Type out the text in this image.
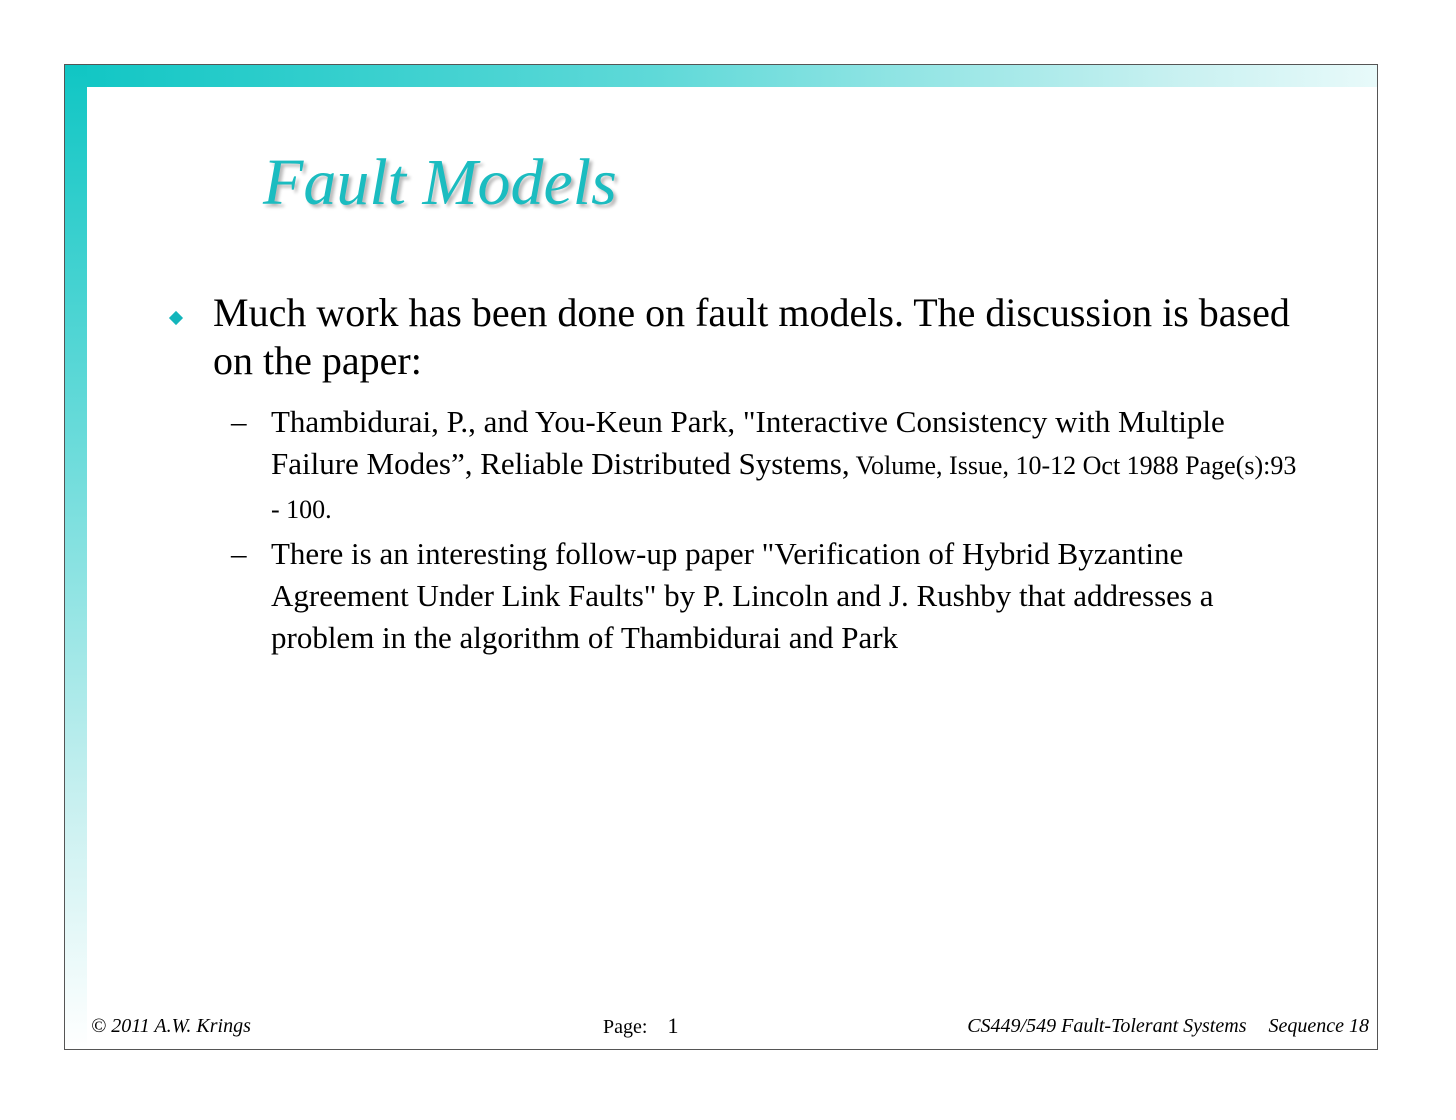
Fault Models
Much work has been done on fault models. The discussion is based on the paper:
– Thambidurai, P., and You-Keun Park, "Interactive Consistency with Multiple Failure Modes”, Reliable Distributed Systems, Volume, Issue, 10-12 Oct 1988 Page(s):93 - 100.
– There is an interesting follow-up paper "Verification of Hybrid Byzantine Agreement Under Link Faults" by P. Lincoln and J. Rushby that addresses a problem in the algorithm of Thambidurai and Park
© 2011 A.W. Krings	Page: 1	CS449/549 Fault-Tolerant Systems Sequence 18
